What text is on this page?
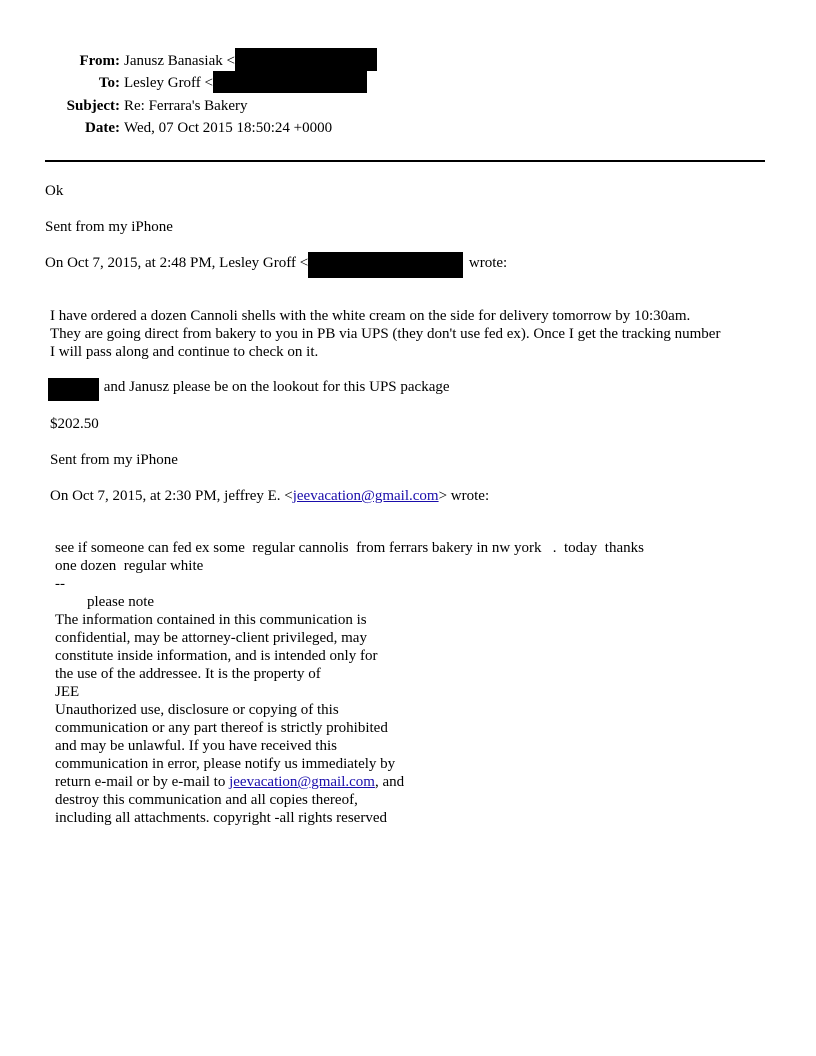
From: Janusz Banasiak <
To: Lesley Groff <
Subject: Re: Ferrara's Bakery
Date: Wed, 07 Oct 2015 18:50:24 +0000
Ok
Sent from my iPhone
On Oct 7, 2015, at 2:48 PM, Lesley Groff <	wrote:
I have ordered a dozen Cannoli shells with the white cream on the side for delivery tomorrow by 10:30am.
They are going direct from bakery to you in PB via UPS (they don't use fed ex). Once I get the tracking number
I will pass along and continue to check on it.
and Janusz please be on the lookout for this UPS package
$202.50
Sent from my iPhone
On Oct 7, 2015, at 2:30 PM, jeffrey E. <jeevacation@gmail.com> wrote:
see if someone can fed ex some  regular cannolis  from ferrars bakery in nw york   .  today  thanks
one dozen  regular white
--
please note
The information contained in this communication is
confidential, may be attorney-client privileged, may
constitute inside information, and is intended only for
the use of the addressee. It is the property of
JEE
Unauthorized use, disclosure or copying of this
communication or any part thereof is strictly prohibited
and may be unlawful. If you have received this
communication in error, please notify us immediately by
return e-mail or by e-mail to jeevacation@gmail.com, and
destroy this communication and all copies thereof,
including all attachments. copyright -all rights reserved
